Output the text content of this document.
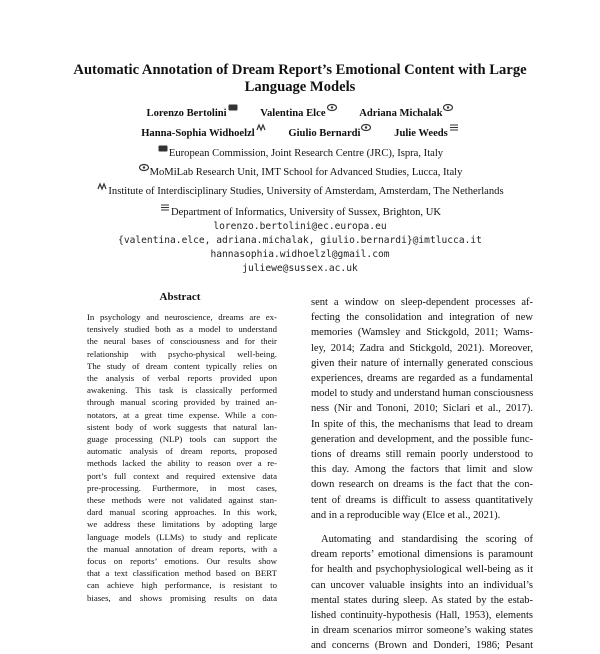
Automatic Annotation of Dream Report’s Emotional Content with Large
Language Models
Lorenzo Bertolini	Valentina Elce	Adriana Michalak
Hanna-Sophia Widhoelzl	Giulio Bernardi	Julie Weeds
European Commission, Joint Research Centre (JRC), Ispra, Italy
MoMiLab Research Unit, IMT School for Advanced Studies, Lucca, Italy
Institute of Interdisciplinary Studies, University of Amsterdam, Amsterdam, The Netherlands
Department of Informatics, University of Sussex, Brighton, UK
lorenzo.bertolini@ec.europa.eu
{valentina.elce, adriana.michalak, giulio.bernardi}@imtlucca.it
hannasophia.widhoelzl@gmail.com
juliewe@sussex.ac.uk
Abstract
In psychology and neuroscience, dreams are ex-
tensively studied both as a model to understand
the neural bases of consciousness and for their
relationship with psycho-physical well-being.
The study of dream content typically relies on
the analysis of verbal reports provided upon
awakening. This task is classically performed
through manual scoring provided by trained an-
notators, at a great time expense. While a con-
sistent body of work suggests that natural lan-
guage processing (NLP) tools can support the
automatic analysis of dream reports, proposed
methods lacked the ability to reason over a re-
port’s full context and required extensive data
pre-processing. Furthermore, in most cases,
these methods were not validated against stan-
dard manual scoring approaches. In this work,
we address these limitations by adopting large
language models (LLMs) to study and replicate
the manual annotation of dream reports, with a
focus on reports’ emotions. Our results show
that a text classification method based on BERT
can achieve high performance, is resistant to
biases, and shows promising results on data
sent a window on sleep-dependent processes af-
fecting the consolidation and integration of new
memories (Wamsley and Stickgold, 2011; Wams-
ley, 2014; Zadra and Stickgold, 2021). Moreover,
given their nature of internally generated conscious
experiences, dreams are regarded as a fundamental
model to study and understand human consciousness
ness (Nir and Tononi, 2010; Siclari et al., 2017).
In spite of this, the mechanisms that lead to dream
generation and development, and the possible func-
tions of dreams still remain poorly understood to
this day. Among the factors that limit and slow
down research on dreams is the fact that the con-
tent of dreams is difficult to assess quantitatively
and in a reproducible way (Elce et al., 2021).
Automating and standardising the scoring of
dream reports’ emotional dimensions is paramount
for health and psychophysiological well-being as it
can uncover valuable insights into an individual’s
mental states during sleep. As stated by the estab-
lished continuity-hypothesis (Hall, 1953), elements
in dream scenarios mirror someone’s waking states
and concerns (Brown and Donderi, 1986; Pesant
